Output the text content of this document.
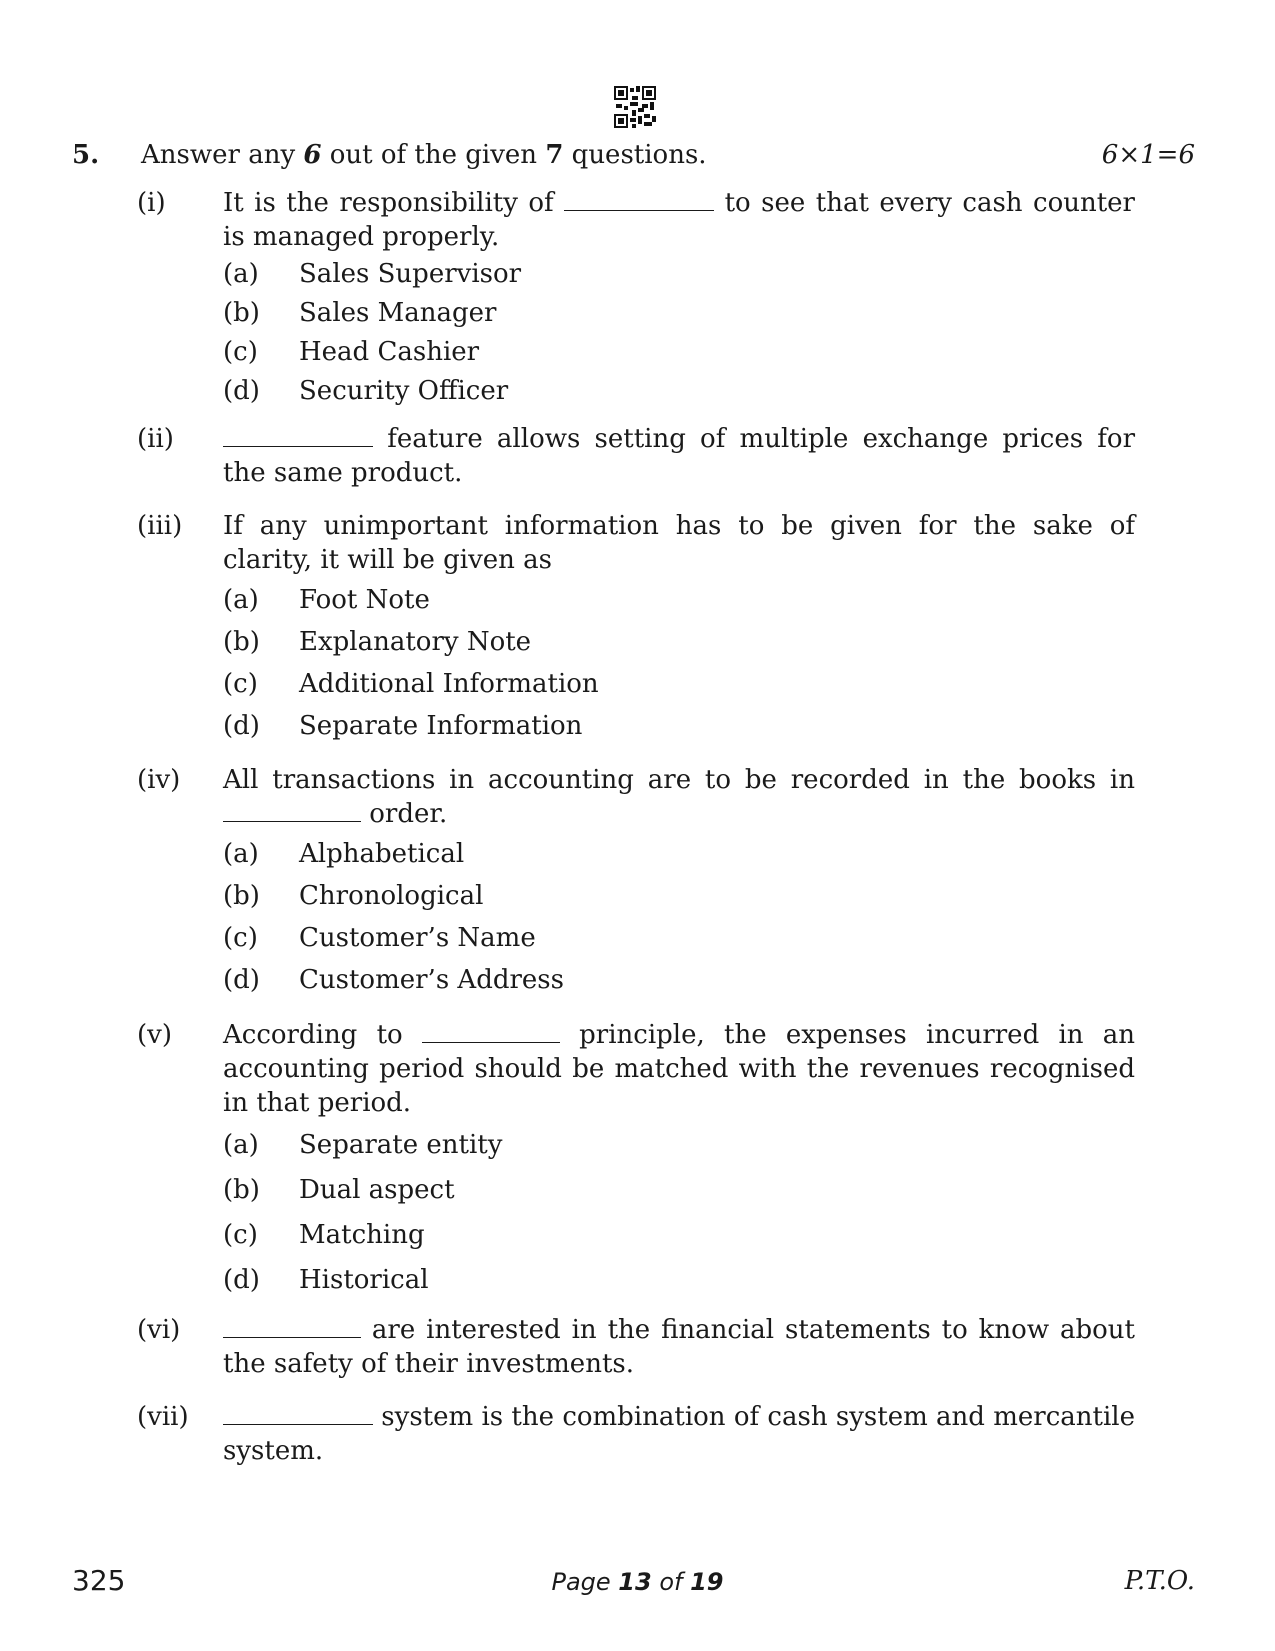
5. Answer any 6 out of the given 7 questions.	6×1=6
(i) It is the responsibility of	to see that every cash counter is managed properly.
(a) Sales Supervisor
(b) Sales Manager
(c) Head Cashier
(d) Security Officer
(ii)	feature allows setting of multiple exchange prices for the same product.
(iii) If any unimportant information has to be given for the sake of clarity, it will be given as
(a) Foot Note
(b) Explanatory Note
(c) Additional Information
(d) Separate Information
(iv) All transactions in accounting are to be recorded in the books in  order.
(a) Alphabetical
(b) Chronological
(c) Customer’s Name
(d) Customer’s Address
(v) According to	principle, the expenses incurred in an accounting period should be matched with the revenues recognised in that period.
(a) Separate entity
(b) Dual aspect
(c) Matching
(d) Historical
(vi)	are interested in the financial statements to know about the safety of their investments.
(vii)	system is the combination of cash system and mercantile system.
325	Page 13 of 19	P.T.O.
